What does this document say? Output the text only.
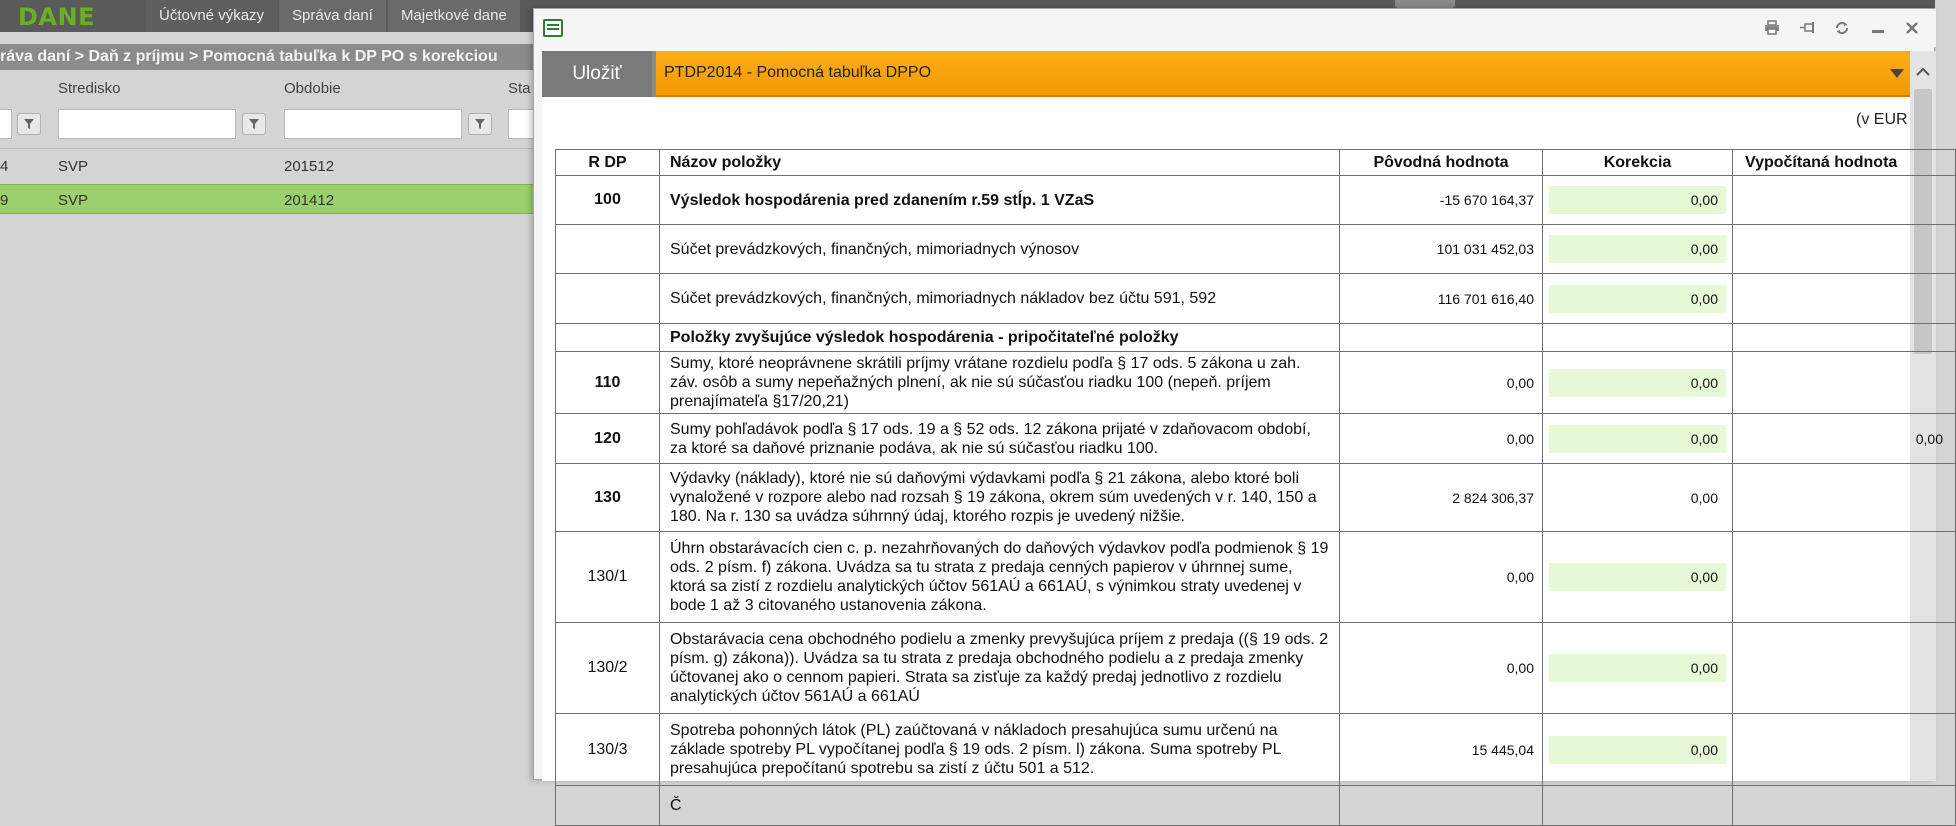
DANE	Účtovné výkazy	Správa daní	Majetkové dane
ráva daní > Daň z príjmu > Pomocná tabuľka k DP PO s korekciou
Stredisko	Obdobie	Sta
4	SVP	201512
9	SVP	201412
Uložiť	PTDP2014 - Pomocná tabuľka DPPO
(v EUR
R DP	Názov položky	Pôvodná hodnota	Korekcia	Vypočítaná hodnota
100	Výsledok hospodárenia pred zdanením r.59 stĺp. 1 VZaS	-15 670 164,37	0,00	

	Súčet prevádzkových, finančných, mimoriadnych výnosov	101 031 452,03	0,00	

	Súčet prevádzkových, finančných, mimoriadnych nákladov bez účtu 591, 592	116 701 616,40	0,00	

	Položky zvyšujúce výsledok hospodárenia - pripočitateľné položky			
110	Sumy, ktoré neoprávnene skrátili príjmy vrátane rozdielu podľa § 17 ods. 5 zákona u zah. záv. osôb a sumy nepeňažných plnení, ak nie sú súčasťou riadku 100 (nepeň. príjem prenajímateľa §17/20,21)	0,00	0,00	

120	Sumy pohľadávok podľa § 17 ods. 19 a § 52 ods. 12 zákona prijaté v zdaňovacom období, za ktoré sa daňové priznanie podáva, ak nie sú súčasťou riadku 100.	0,00	0,00	0,00
130	Výdavky (náklady), ktoré nie sú daňovými výdavkami podľa § 21 zákona, alebo ktoré boli vynaložené v rozpore alebo nad rozsah § 19 zákona, okrem súm uvedených v r. 140, 150 a 180. Na r. 130 sa uvádza súhrnný údaj, ktorého rozpis je uvedený nižšie.	2 824 306,37	0,00	

130/1	Úhrn obstarávacích cien c. p. nezahrňovaných do daňových výdavkov podľa podmienok § 19 ods. 2 písm. f) zákona. Uvádza sa tu strata z predaja cenných papierov v úhrnnej sume, ktorá sa zistí z rozdielu analytických účtov 561AÚ a 661AÚ, s výnimkou straty uvedenej v bode 1 až 3 citovaného ustanovenia zákona.	0,00	0,00	

130/2	Obstarávacia cena obchodného podielu a zmenky prevyšujúca príjem z predaja ((§ 19 ods. 2 písm. g) zákona)). Uvádza sa tu strata z predaja obchodného podielu a z predaja zmenky účtovanej ako o cennom papieri. Strata sa zisťuje za každý predaj jednotlivo z rozdielu analytických účtov 561AÚ a 661AÚ	0,00	0,00	

130/3	Spotreba pohonných látok (PL) zaúčtovaná v nákladoch presahujúca sumu určenú na základe spotreby PL vypočítanej podľa § 19 ods. 2 písm. l) zákona. Suma spotreby PL presahujúca prepočítanú spotrebu sa zistí z účtu 501 a 512.	15 445,04	0,00	

	Č			
